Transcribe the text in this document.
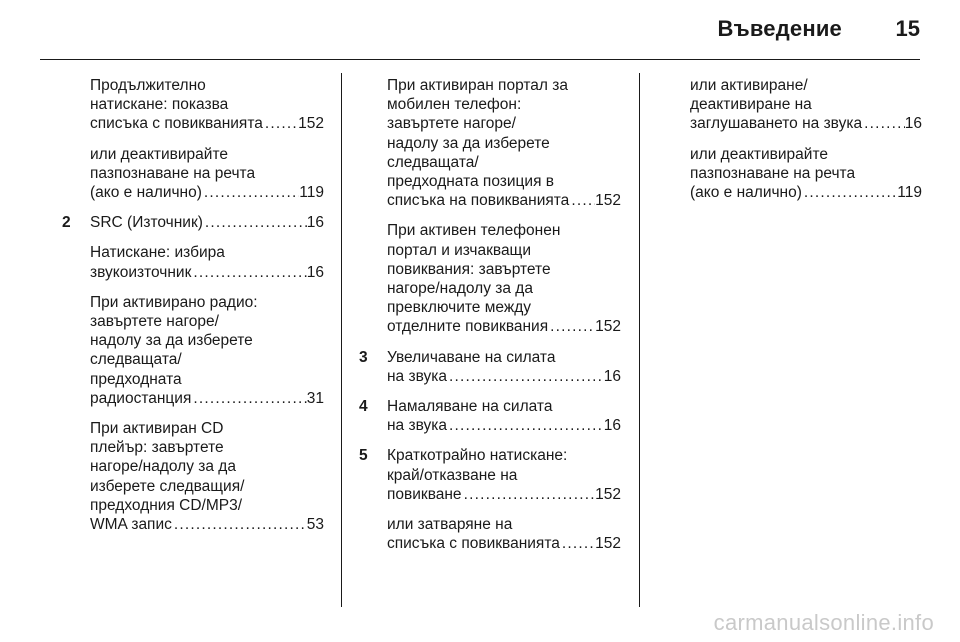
Въведение 15
Продължително
натискане: показва
списъка с повикванията ..... 152
или деактивирайте
пазпознаване на речта
(ако е налично) .....	119
2 SRC (Източник) .....	16
Натискане: избира
звукоизточник .....	16
При активирано радио:
завъртете нагоре/
надолу за да изберете
следващата/
предходната
радиостанция .....	31
При активиран CD
плейър: завъртете
нагоре/надолу за да
изберете следващия/
предходния CD/MP3/
WMA запис .....	53
При активиран портал за
мобилен телефон:
завъртете нагоре/
надолу за да изберете
следващата/
предходната позиция в
списъка на повикванията ..... 152
При активен телефонен
портал и изчакващи
повиквания: завъртете
нагоре/надолу за да
превключите между
отделните повиквания .....	152
3 Увеличаване на силата
на звука .....	16
4 Намаляване на силата
на звука .....	16
5 Краткотрайно натискане:
край/отказване на
повикване .....	152
или затваряне на
списъка с повикванията ..... 152
или активиране/
деактивиране на
заглушаването на звука .....	16
или деактивирайте
пазпознаване на речта
(ако е налично) .....	119
carmanualsonline.info
